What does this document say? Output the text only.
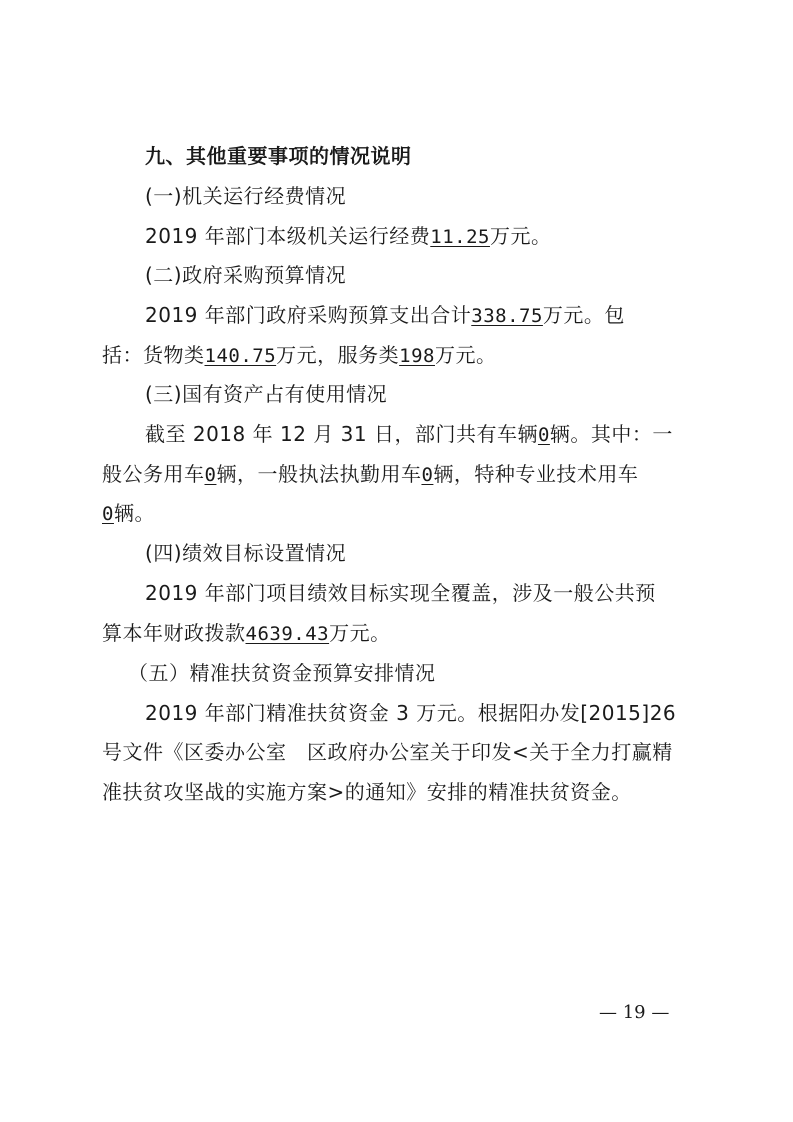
九、其他重要事项的情况说明
(一)机关运行经费情况
2019 年部门本级机关运行经费11.25万元。
(二)政府采购预算情况
2019 年部门政府采购预算支出合计338.75万元。包
括：货物类140.75万元，服务类198万元。
(三)国有资产占有使用情况
截至 2018 年 12 月 31 日，部门共有车辆0辆。其中：一
般公务用车0辆，一般执法执勤用车0辆，特种专业技术用车
0辆。
(四)绩效目标设置情况
2019 年部门项目绩效目标实现全覆盖，涉及一般公共预
算本年财政拨款4639.43万元。
（五）精准扶贫资金预算安排情况
2019 年部门精准扶贫资金 3 万元。根据阳办发[2015]26
号文件《区委办公室　区政府办公室关于印发<关于全力打赢精
准扶贫攻坚战的实施方案>的通知》安排的精准扶贫资金。
— 19 —
